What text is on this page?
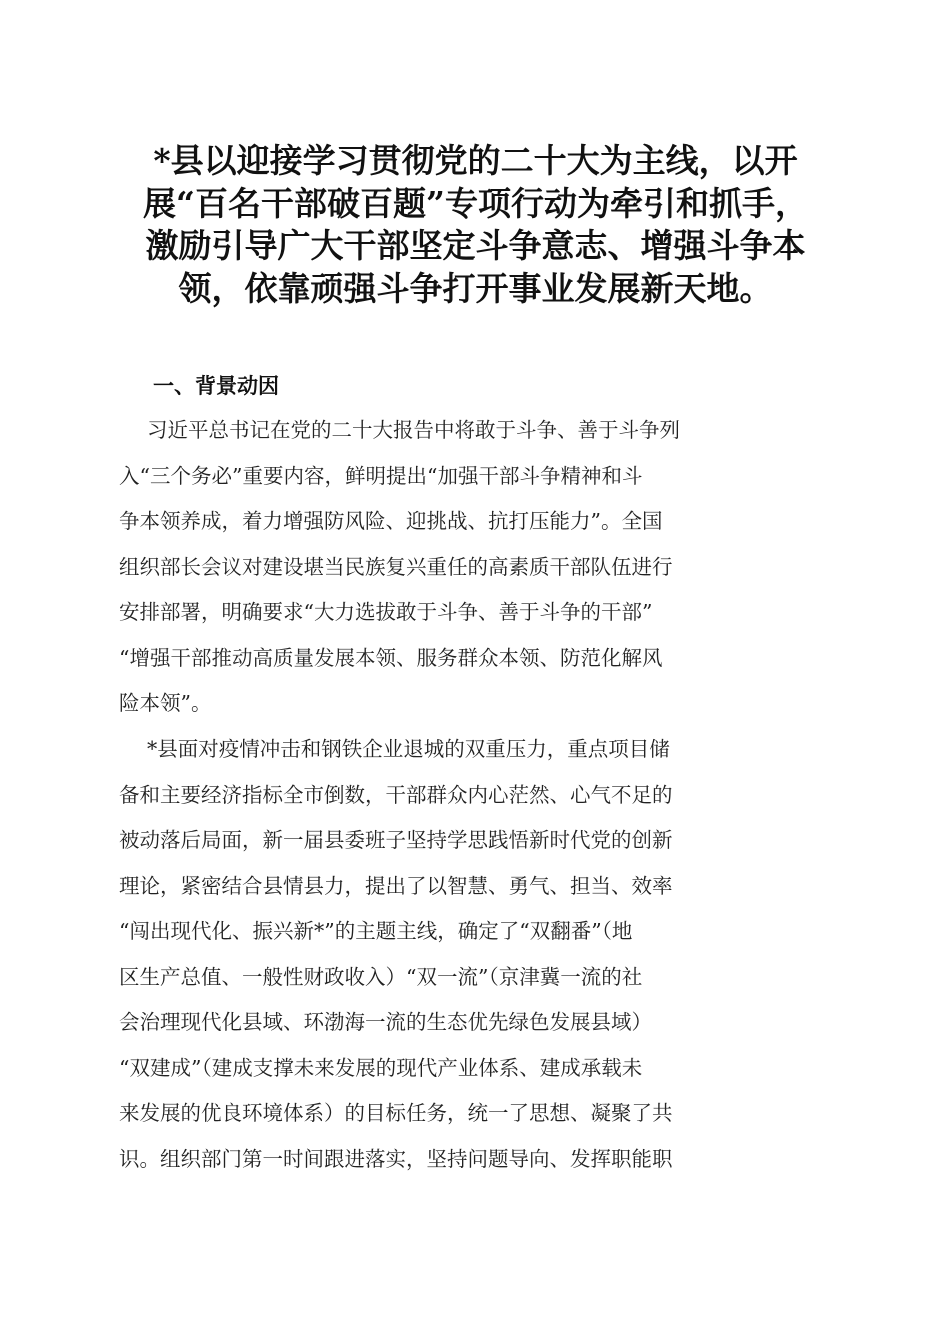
*县以迎接学习贯彻党的二十大为主线，以开
展“百名干部破百题”专项行动为牵引和抓手，
激励引导广大干部坚定斗争意志、增强斗争本
领，依靠顽强斗争打开事业发展新天地。
一、背景动因
习近平总书记在党的二十大报告中将敢于斗争、善于斗争列
入“三个务必”重要内容，鲜明提出“加强干部斗争精神和斗
争本领养成，着力增强防风险、迎挑战、抗打压能力”。全国
组织部长会议对建设堪当民族复兴重任的高素质干部队伍进行
安排部署，明确要求“大力选拔敢于斗争、善于斗争的干部”
“增强干部推动高质量发展本领、服务群众本领、防范化解风
险本领”。
*县面对疫情冲击和钢铁企业退城的双重压力，重点项目储
备和主要经济指标全市倒数，干部群众内心茫然、心气不足的
被动落后局面，新一届县委班子坚持学思践悟新时代党的创新
理论，紧密结合县情县力，提出了以智慧、勇气、担当、效率
“闯出现代化、振兴新*”的主题主线，确定了“双翻番”（地
区生产总值、一般性财政收入）“双一流”（京津冀一流的社
会治理现代化县域、环渤海一流的生态优先绿色发展县域）
“双建成”（建成支撑未来发展的现代产业体系、建成承载未
来发展的优良环境体系）的目标任务，统一了思想、凝聚了共
识。组织部门第一时间跟进落实，坚持问题导向、发挥职能职
